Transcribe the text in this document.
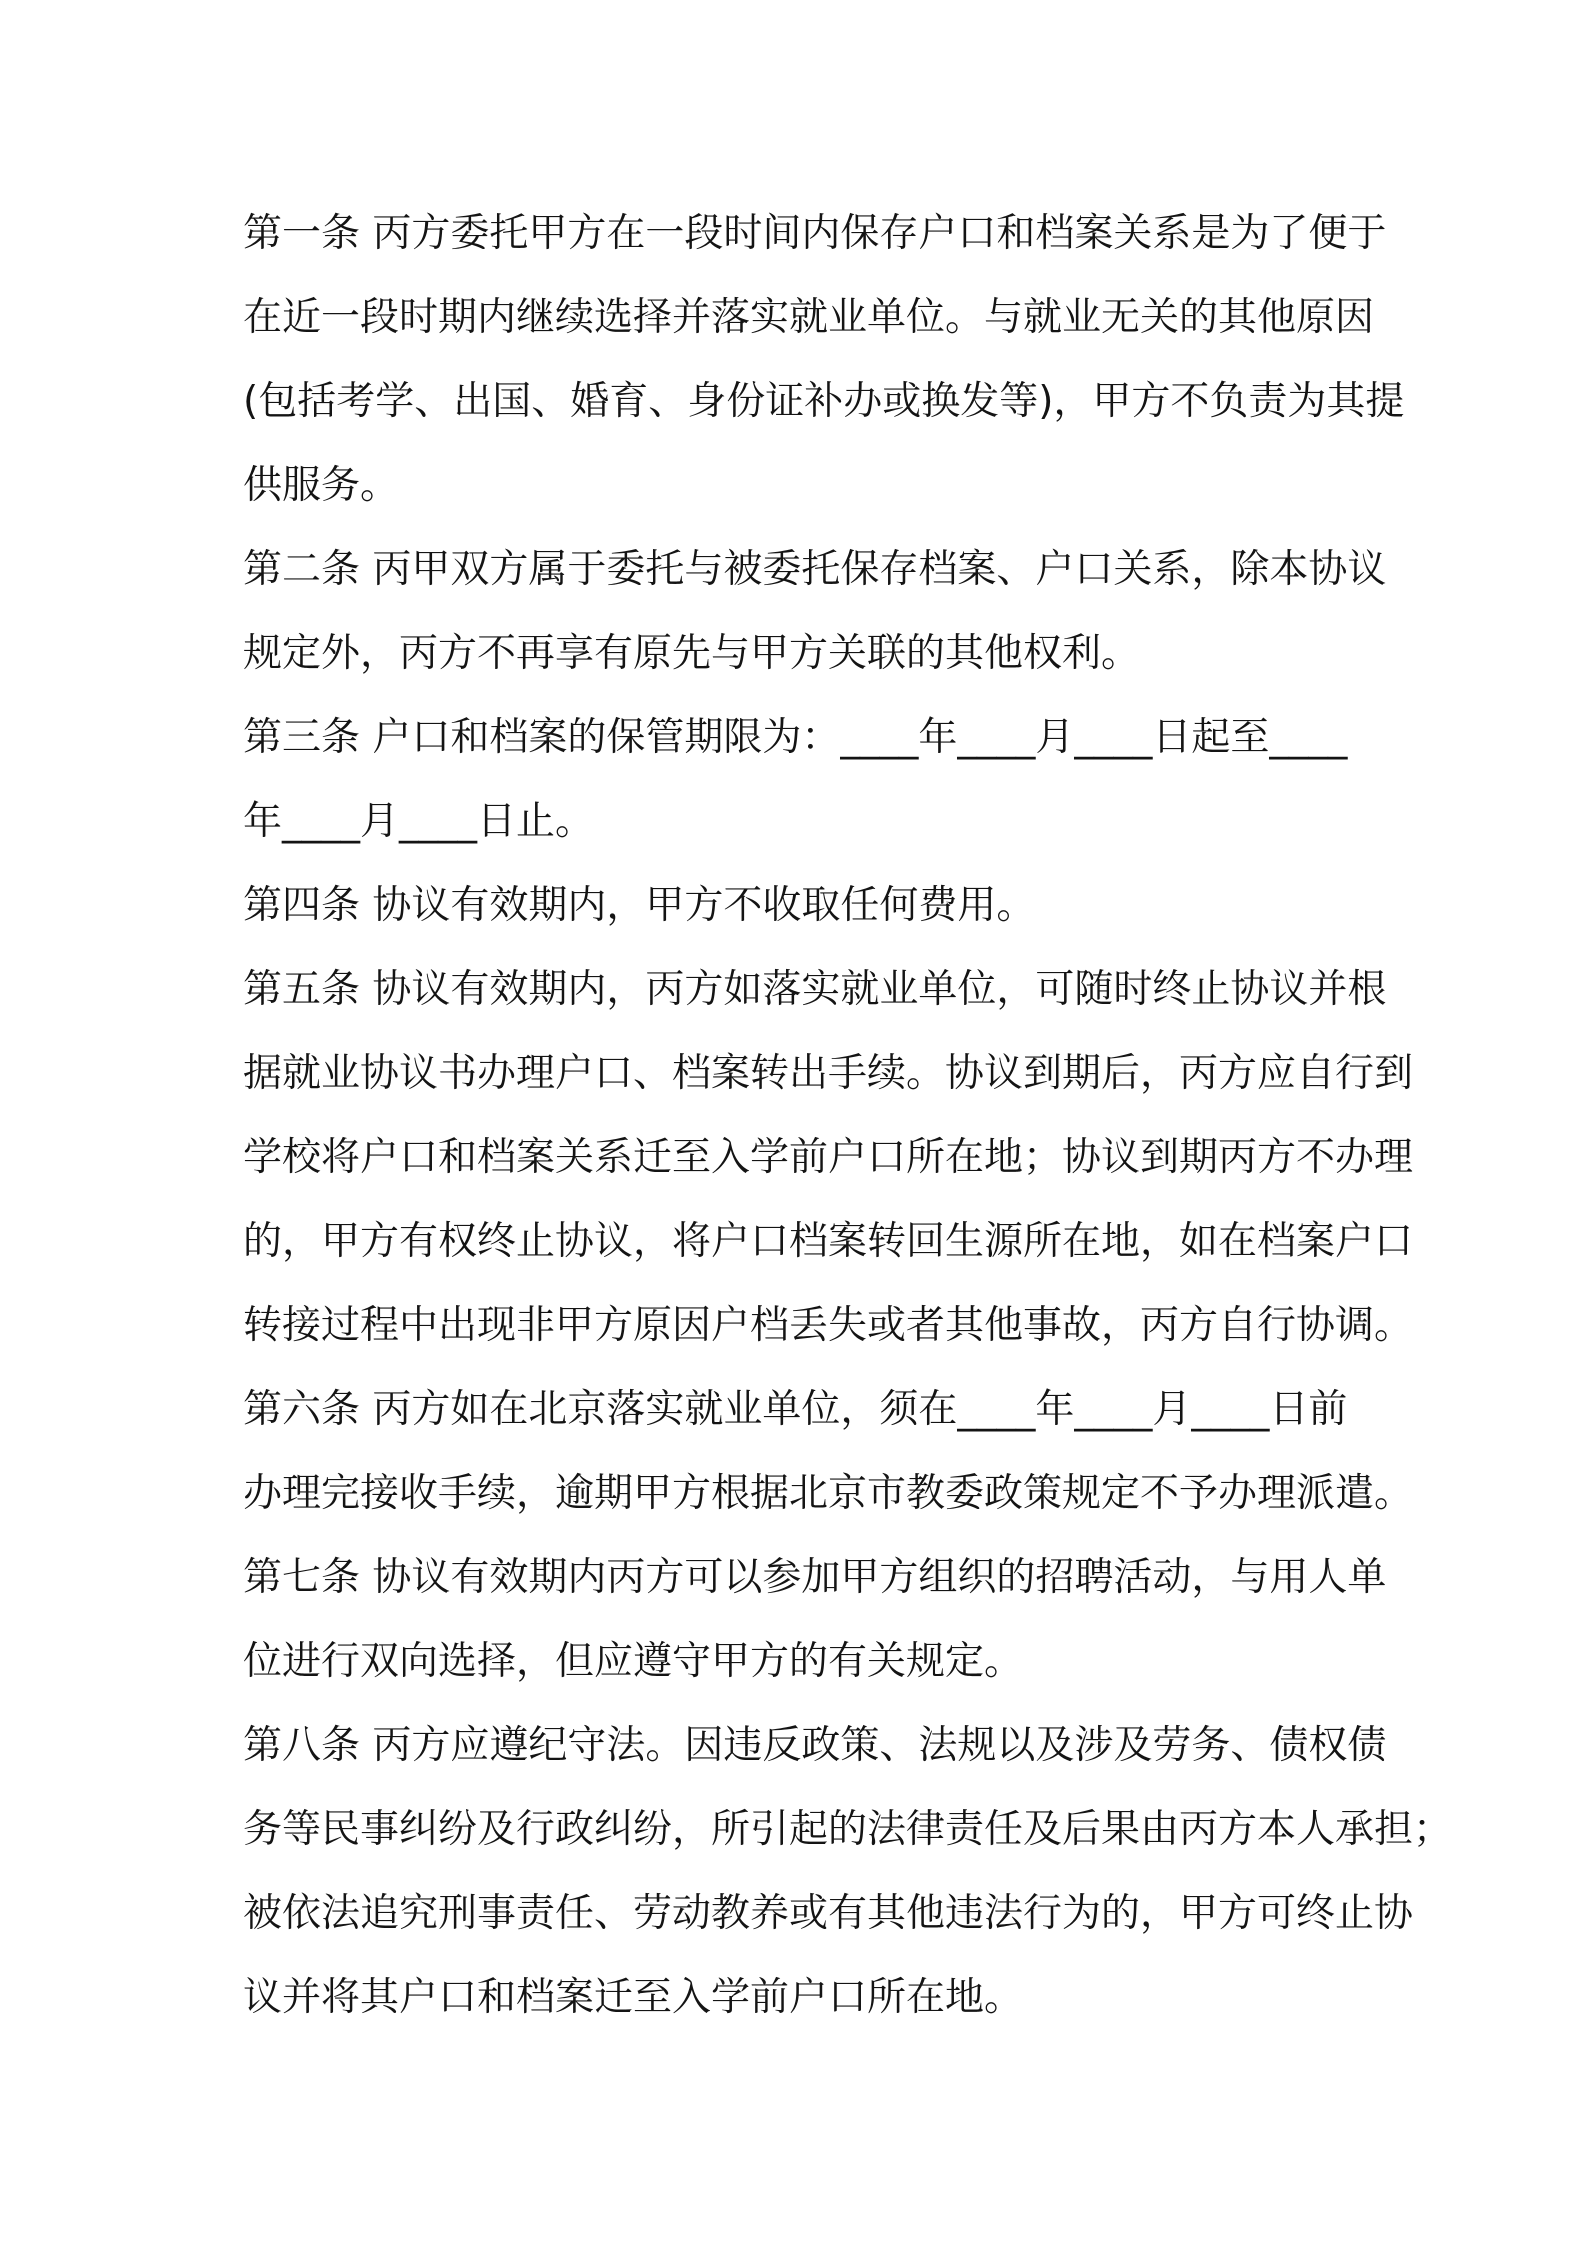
第一条 丙方委托甲方在一段时间内保存户口和档案关系是为了便于
在近一段时期内继续选择并落实就业单位。与就业无关的其他原因
(包括考学、出国、婚育、身份证补办或换发等)，甲方不负责为其提
供服务。
第二条 丙甲双方属于委托与被委托保存档案、户口关系，除本协议
规定外，丙方不再享有原先与甲方关联的其他权利。
第三条 户口和档案的保管期限为：____年____月____日起至____
年____月____日止。
第四条 协议有效期内，甲方不收取任何费用。
第五条 协议有效期内，丙方如落实就业单位，可随时终止协议并根
据就业协议书办理户口、档案转出手续。协议到期后，丙方应自行到
学校将户口和档案关系迁至入学前户口所在地；协议到期丙方不办理
的，甲方有权终止协议，将户口档案转回生源所在地，如在档案户口
转接过程中出现非甲方原因户档丢失或者其他事故，丙方自行协调。
第六条 丙方如在北京落实就业单位，须在____年____月____日前
办理完接收手续，逾期甲方根据北京市教委政策规定不予办理派遣。
第七条 协议有效期内丙方可以参加甲方组织的招聘活动，与用人单
位进行双向选择，但应遵守甲方的有关规定。
第八条 丙方应遵纪守法。因违反政策、法规以及涉及劳务、债权债
务等民事纠纷及行政纠纷，所引起的法律责任及后果由丙方本人承担；
被依法追究刑事责任、劳动教养或有其他违法行为的，甲方可终止协
议并将其户口和档案迁至入学前户口所在地。
